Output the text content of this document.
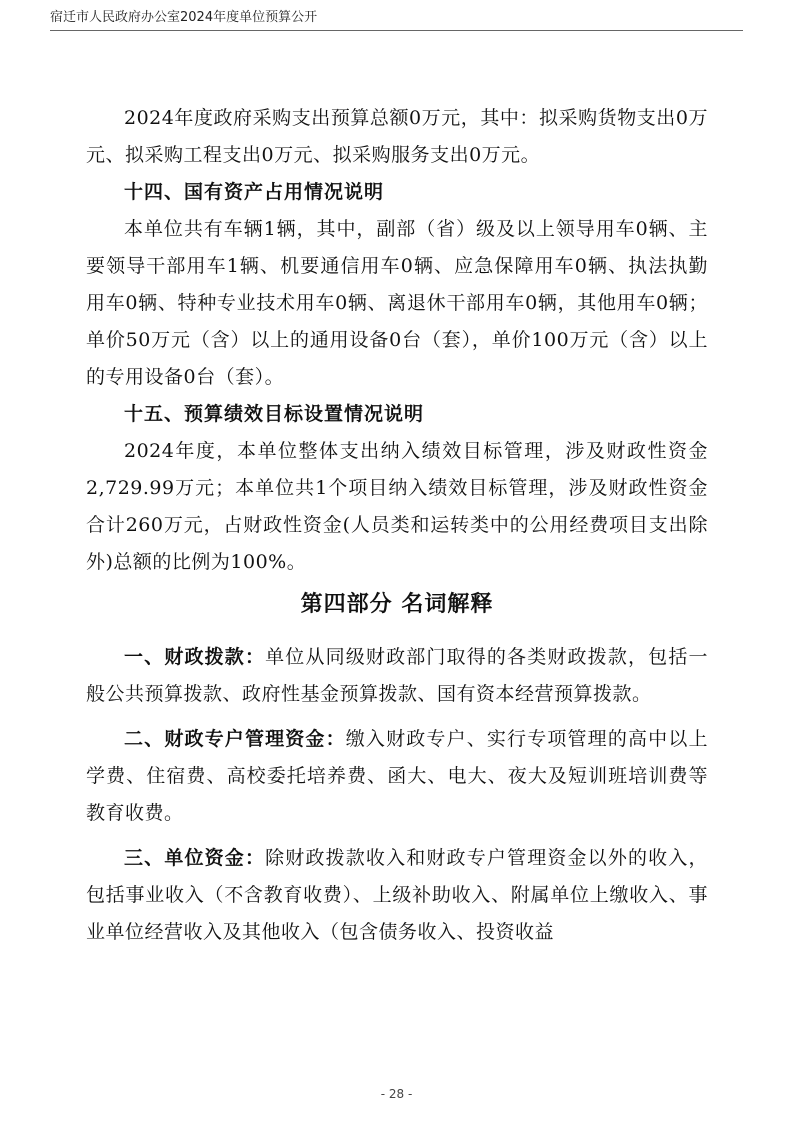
宿迁市人民政府办公室2024年度单位预算公开

2024年度政府采购支出预算总额0万元，其中：拟采购货物支出0万元、拟采购工程支出0万元、拟采购服务支出0万元。

十四、国有资产占用情况说明

本单位共有车辆1辆，其中，副部（省）级及以上领导用车0辆、主要领导干部用车1辆、机要通信用车0辆、应急保障用车0辆、执法执勤用车0辆、特种专业技术用车0辆、离退休干部用车0辆，其他用车0辆；单价50万元（含）以上的通用设备0台（套），单价100万元（含）以上的专用设备0台（套）。

十五、预算绩效目标设置情况说明

2024年度，本单位整体支出纳入绩效目标管理，涉及财政性资金2,729.99万元；本单位共1个项目纳入绩效目标管理，涉及财政性资金合计260万元，占财政性资金(人员类和运转类中的公用经费项目支出除外)总额的比例为100%。

第四部分 名词解释

一、财政拨款：单位从同级财政部门取得的各类财政拨款，包括一般公共预算拨款、政府性基金预算拨款、国有资本经营预算拨款。

二、财政专户管理资金：缴入财政专户、实行专项管理的高中以上学费、住宿费、高校委托培养费、函大、电大、夜大及短训班培训费等教育收费。

三、单位资金：除财政拨款收入和财政专户管理资金以外的收入，包括事业收入（不含教育收费）、上级补助收入、附属单位上缴收入、事业单位经营收入及其他收入（包含债务收入、投资收益

- 28 -
